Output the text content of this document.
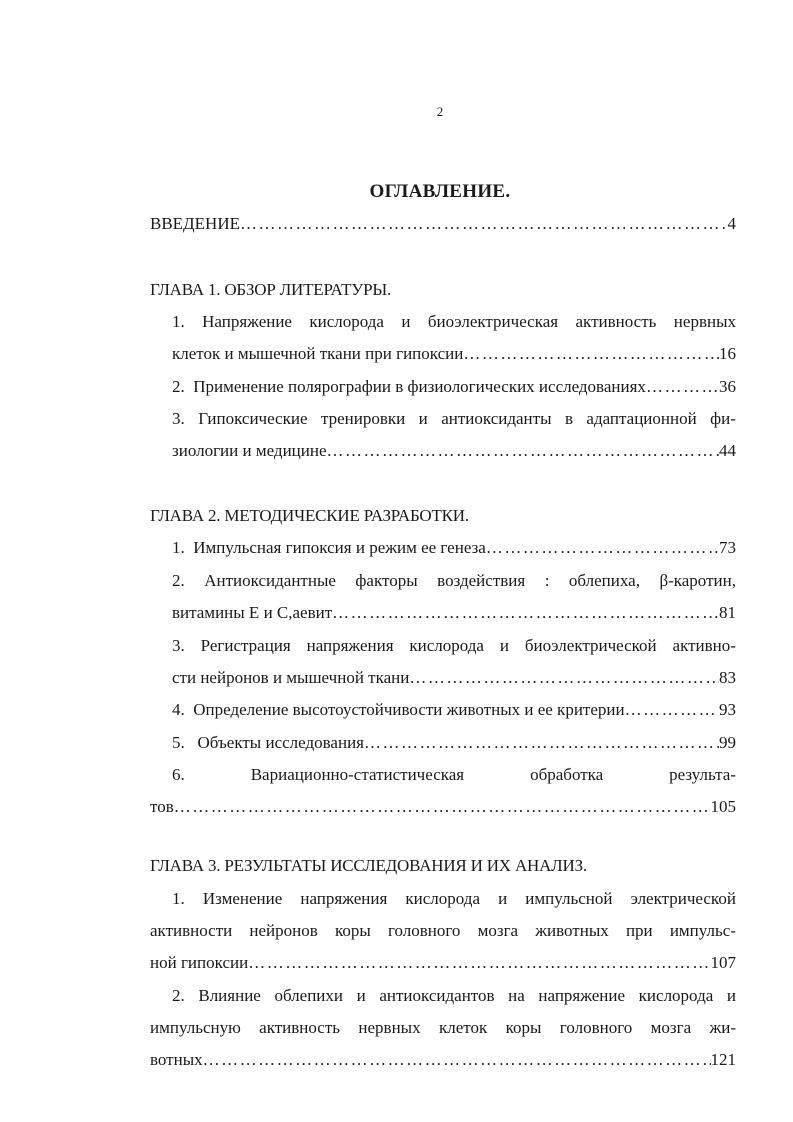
2
ОГЛАВЛЕНИЕ.
ВВЕДЕНИЕ …………………………………………………………………………………………………………………………………………	4
ГЛАВА 1. ОБЗОР ЛИТЕРАТУРЫ.
1. Напряжение кислорода и биоэлектрическая активность нервных
клеток и мышечной ткани при гипоксии …………………………………………………………………………………………………………………………………………	16
2.  Применение полярографии в физиологических исследованиях …………………………………………………………………………………………………………………………………………	36
3. Гипоксические тренировки и антиоксиданты в адаптационной фи-
зиологии и медицине …………………………………………………………………………………………………………………………………………	44
ГЛАВА 2. МЕТОДИЧЕСКИЕ РАЗРАБОТКИ.
1.  Импульсная гипоксия и режим ее генеза …………………………………………………………………………………………………………………………………………	73
2. Антиоксидантные факторы воздействия : облепиха, β-каротин,
витамины Е и С,аевит …………………………………………………………………………………………………………………………………………	81
3. Регистрация напряжения кислорода и биоэлектрической активно-
сти нейронов и мышечной ткани …………………………………………………………………………………………………………………………………………	83
4.  Определение высотоустойчивости животных и ее критерии …………………………………………………………………………………………………………………………………………	93
5.   Объекты исследования …………………………………………………………………………………………………………………………………………	99
6.	Вариационно-статистическая	обработка	результа-
тов …………………………………………………………………………………………………………………………………………	105
ГЛАВА 3. РЕЗУЛЬТАТЫ ИССЛЕДОВАНИЯ И ИХ АНАЛИЗ.
1. Изменение напряжения кислорода и импульсной электрической
активности нейронов коры головного мозга животных при импульс-
ной гипоксии …………………………………………………………………………………………………………………………………………	107
2. Влияние облепихи и антиоксидантов на напряжение кислорода и
импульсную активность нервных клеток коры головного мозга жи-
вотных …………………………………………………………………………………………………………………………………………	121
